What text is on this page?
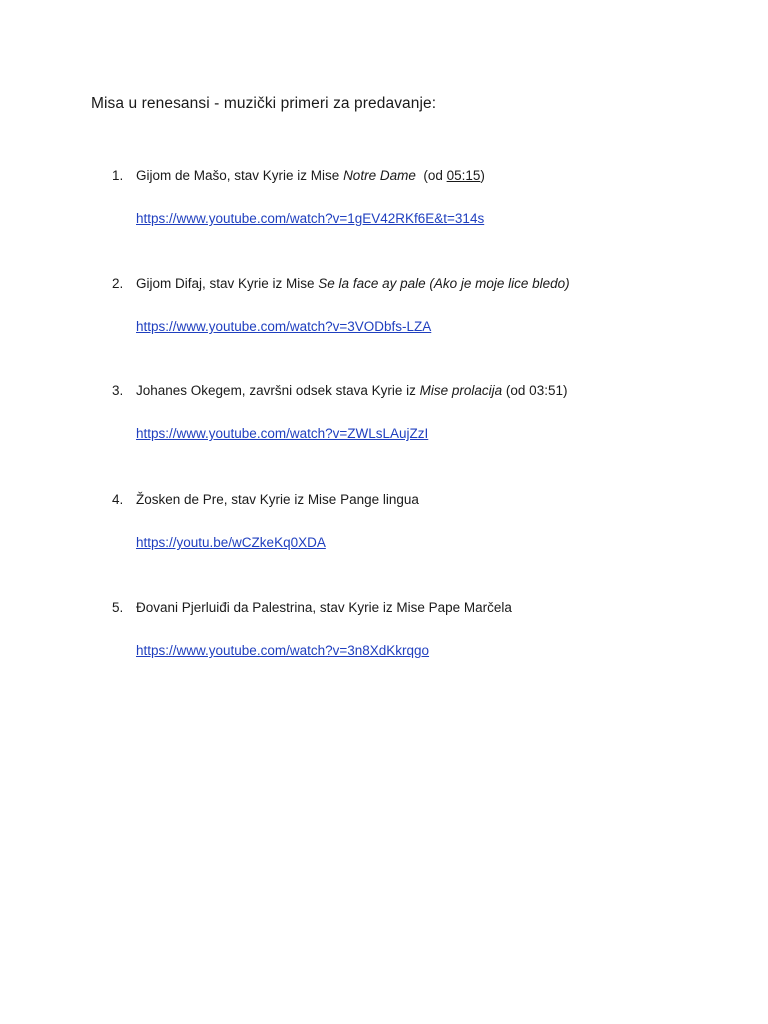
Misa u renesansi - muzički primeri za predavanje:
1. Gijom de Mašo, stav Kyrie iz Mise Notre Dame  (od 05:15)
https://www.youtube.com/watch?v=1gEV42RKf6E&t=314s
2. Gijom Difaj, stav Kyrie iz Mise Se la face ay pale (Ako je moje lice bledo)
https://www.youtube.com/watch?v=3VODbfs-LZA
3. Johanes Okegem, završni odsek stava Kyrie iz Mise prolacija (od 03:51)
https://www.youtube.com/watch?v=ZWLsLAujZzI
4. Žosken de Pre, stav Kyrie iz Mise Pange lingua
https://youtu.be/wCZkeKq0XDA
5. Đovani Pjerluiđi da Palestrina, stav Kyrie iz Mise Pape Marčela
https://www.youtube.com/watch?v=3n8XdKkrqgo
